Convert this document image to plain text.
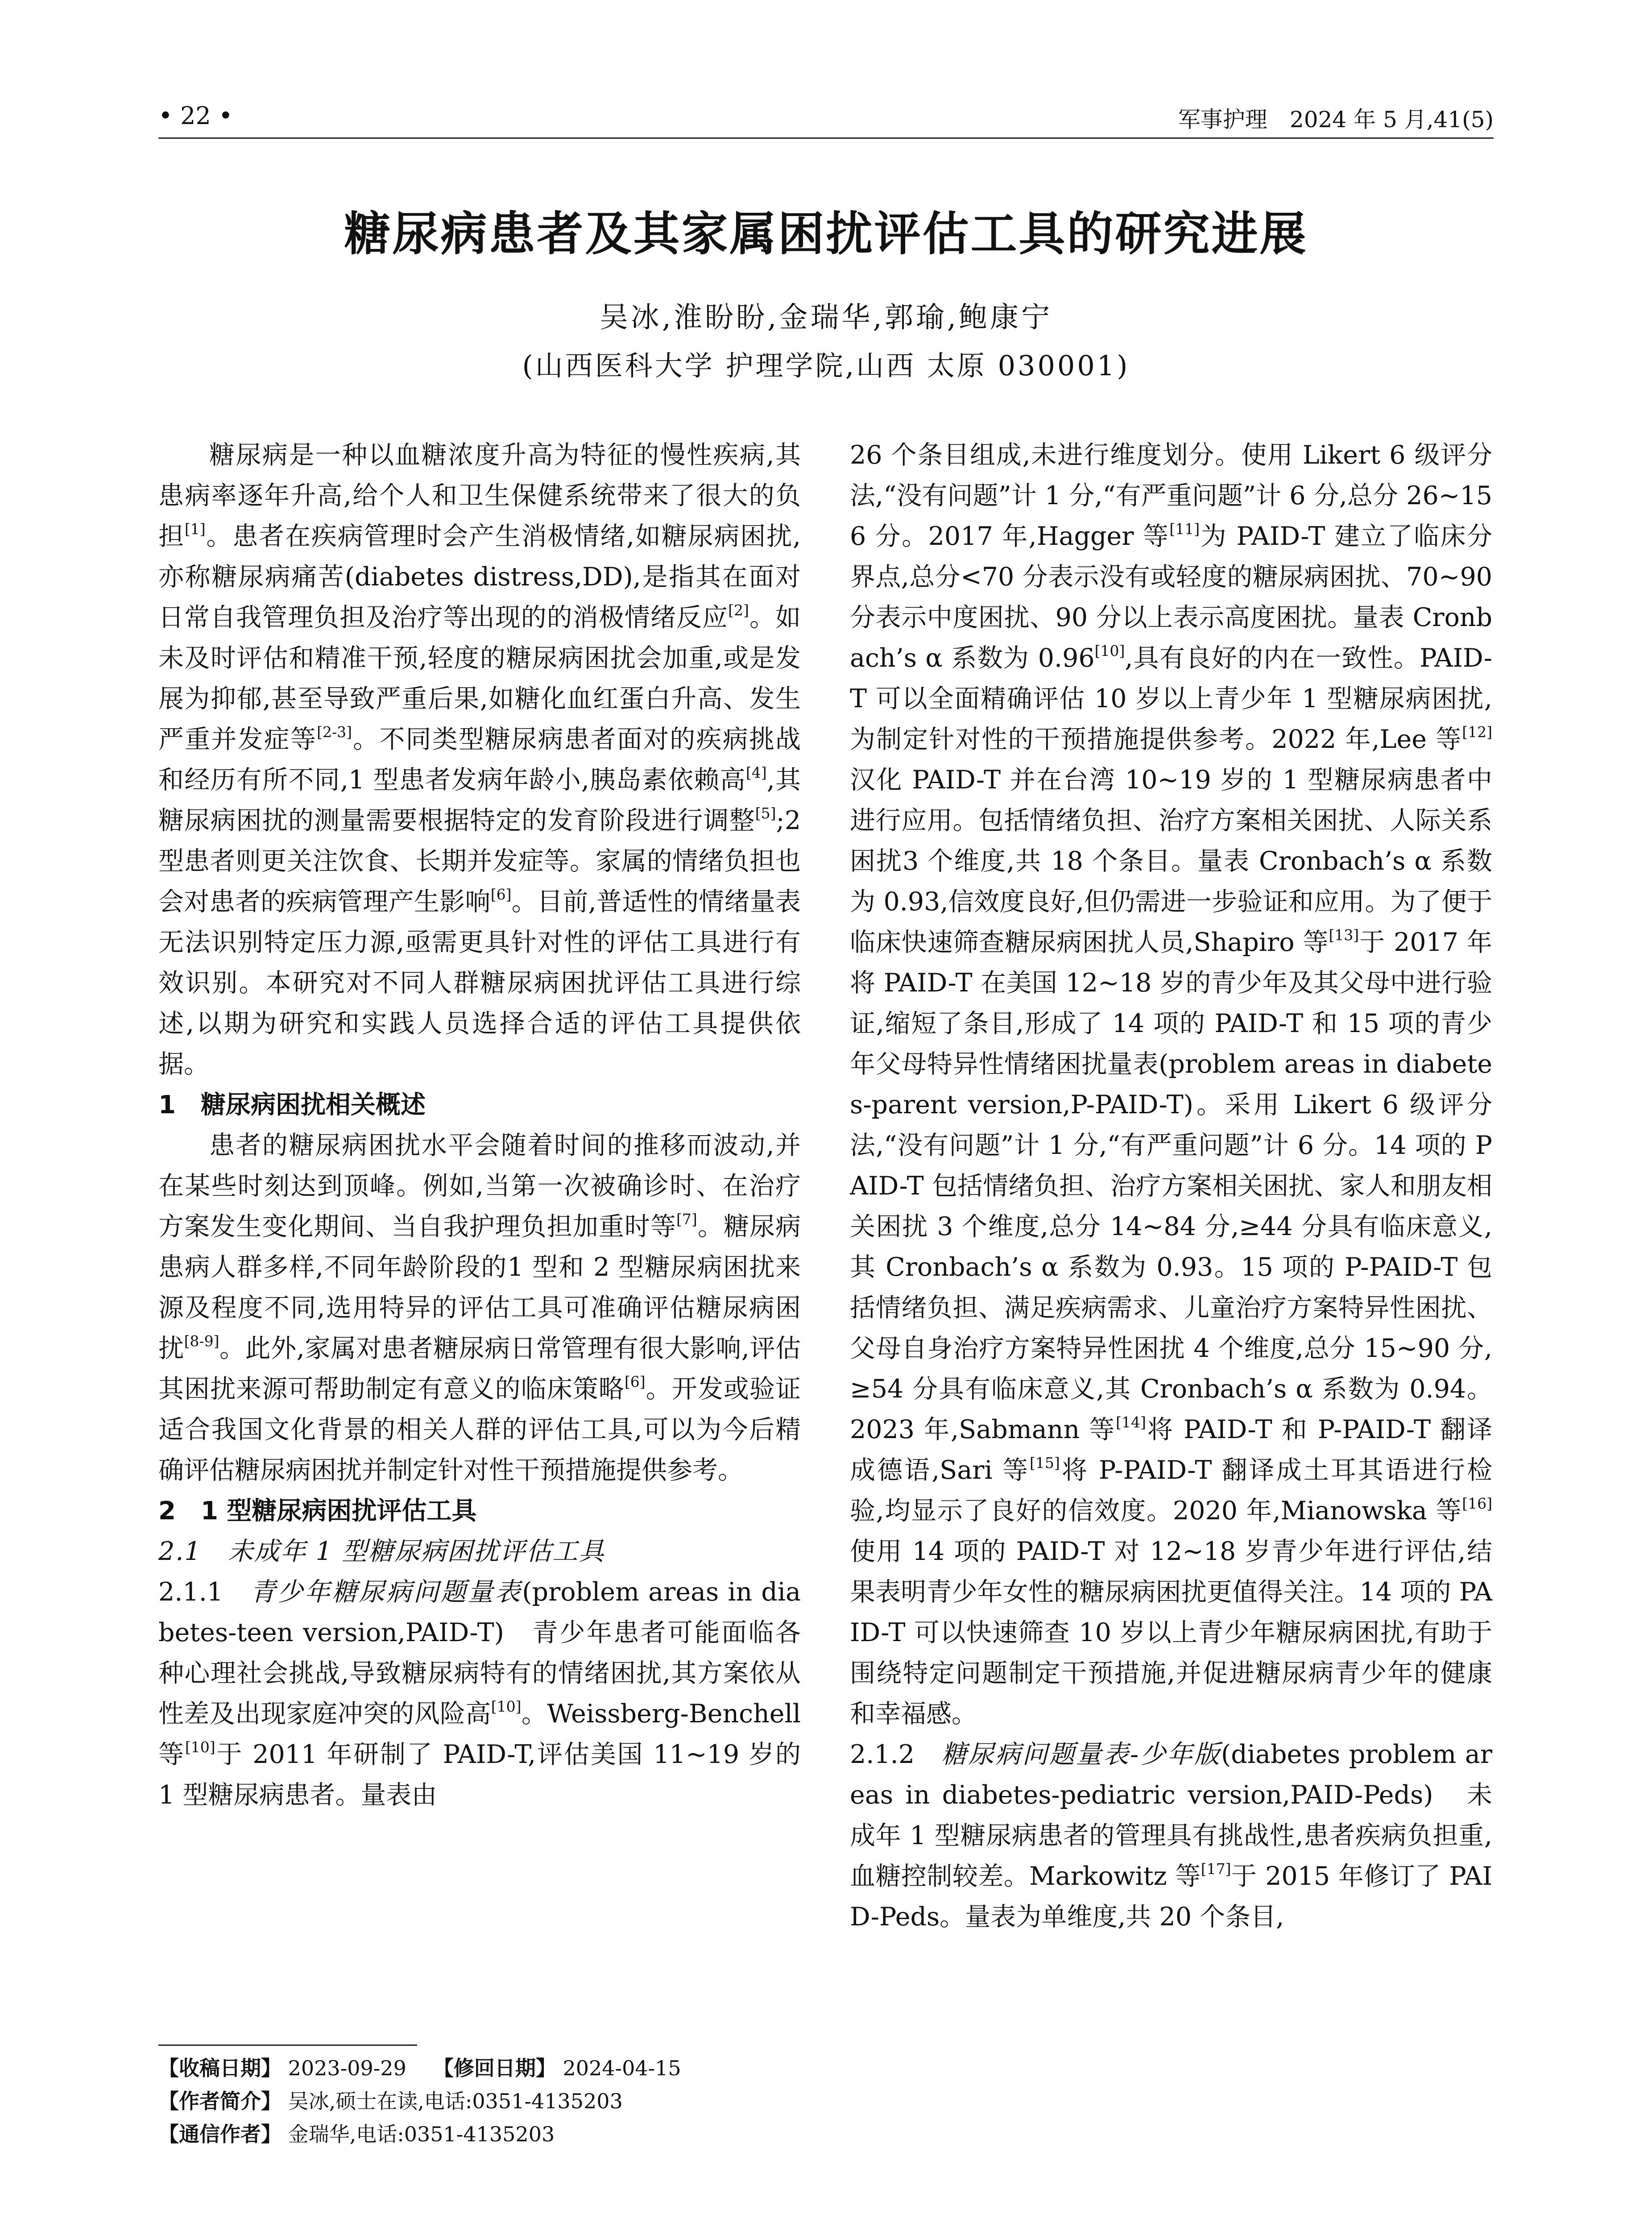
• 22 •	军事护理　2024 年 5 月,41(5)
糖尿病患者及其家属困扰评估工具的研究进展
吴冰,淮盼盼,金瑞华,郭瑜,鲍康宁
(山西医科大学 护理学院,山西 太原 030001)

糖尿病是一种以血糖浓度升高为特征的慢性疾病,其患病率逐年升高,给个人和卫生保健系统带来了很大的负担[1]。患者在疾病管理时会产生消极情绪,如糖尿病困扰,亦称糖尿病痛苦(diabetes distress,DD),是指其在面对日常自我管理负担及治疗等出现的的消极情绪反应[2]。如未及时评估和精准干预,轻度的糖尿病困扰会加重,或是发展为抑郁,甚至导致严重后果,如糖化血红蛋白升高、发生严重并发症等[2-3]。不同类型糖尿病患者面对的疾病挑战和经历有所不同,1 型患者发病年龄小,胰岛素依赖高[4],其糖尿病困扰的测量需要根据特定的发育阶段进行调整[5];2 型患者则更关注饮食、长期并发症等。家属的情绪负担也会对患者的疾病管理产生影响[6]。目前,普适性的情绪量表无法识别特定压力源,亟需更具针对性的评估工具进行有效识别。本研究对不同人群糖尿病困扰评估工具进行综述,以期为研究和实践人员选择合适的评估工具提供依据。

1　糖尿病困扰相关概述

患者的糖尿病困扰水平会随着时间的推移而波动,并在某些时刻达到顶峰。例如,当第一次被确诊时、在治疗方案发生变化期间、当自我护理负担加重时等[7]。糖尿病患病人群多样,不同年龄阶段的1 型和 2 型糖尿病困扰来源及程度不同,选用特异的评估工具可准确评估糖尿病困扰[8-9]。此外,家属对患者糖尿病日常管理有很大影响,评估其困扰来源可帮助制定有意义的临床策略[6]。开发或验证适合我国文化背景的相关人群的评估工具,可以为今后精确评估糖尿病困扰并制定针对性干预措施提供参考。

2　1 型糖尿病困扰评估工具

2.1　未成年 1 型糖尿病困扰评估工具

2.1.1　 青少年糖尿病问题量表(problem areas in diabetes-teen version,PAID-T)　青少年患者可能面临各种心理社会挑战,导致糖尿病特有的情绪困扰,其方案依从性差及出现家庭冲突的风险高[10]。Weissberg-Benchell 等[10]于 2011 年研制了 PAID-T,评估美国 11~19 岁的 1 型糖尿病患者。量表由

26 个条目组成,未进行维度划分。使用 Likert 6 级评分法,“没有问题”计 1 分,“有严重问题”计 6 分,总分 26~156 分。2017 年,Hagger 等[11]为 PAID-T 建立了临床分界点,总分<70 分表示没有或轻度的糖尿病困扰、70~90 分表示中度困扰、90 分以上表示高度困扰。量表 Cronbach’s α 系数为 0.96[10],具有良好的内在一致性。PAID-T 可以全面精确评估 10 岁以上青少年 1 型糖尿病困扰,为制定针对性的干预措施提供参考。2022 年,Lee 等[12]汉化 PAID-T 并在台湾 10~19 岁的 1 型糖尿病患者中进行应用。包括情绪负担、治疗方案相关困扰、人际关系困扰3 个维度,共 18 个条目。量表 Cronbach’s α 系数为 0.93,信效度良好,但仍需进一步验证和应用。为了便于临床快速筛查糖尿病困扰人员,Shapiro 等[13]于 2017 年将 PAID-T 在美国 12~18 岁的青少年及其父母中进行验证,缩短了条目,形成了 14 项的 PAID-T 和 15 项的青少年父母特异性情绪困扰量表(problem areas in diabetes-parent version,P-PAID-T)。采用 Likert 6 级评分法,“没有问题”计 1 分,“有严重问题”计 6 分。14 项的 PAID-T 包括情绪负担、治疗方案相关困扰、家人和朋友相关困扰 3 个维度,总分 14~84 分,≥44 分具有临床意义,其 Cronbach’s α 系数为 0.93。15 项的 P-PAID-T 包括情绪负担、满足疾病需求、儿童治疗方案特异性困扰、父母自身治疗方案特异性困扰 4 个维度,总分 15~90 分,≥54 分具有临床意义,其 Cronbach’s α 系数为 0.94。2023 年,Sabmann 等[14]将 PAID-T 和 P-PAID-T 翻译成德语,Sari 等[15]将 P-PAID-T 翻译成土耳其语进行检验,均显示了良好的信效度。2020 年,Mianowska 等[16]使用 14 项的 PAID-T 对 12~18 岁青少年进行评估,结果表明青少年女性的糖尿病困扰更值得关注。14 项的 PAID-T 可以快速筛查 10 岁以上青少年糖尿病困扰,有助于围绕特定问题制定干预措施,并促进糖尿病青少年的健康和幸福感。

2.1.2　 糖尿病问题量表-少年版(diabetes problem areas in diabetes-pediatric version,PAID-Peds)　未成年 1 型糖尿病患者的管理具有挑战性,患者疾病负担重,血糖控制较差。Markowitz 等[17]于 2015 年修订了 PAID-Peds。量表为单维度,共 20 个条目,

【收稿日期】 2023-09-29 【修回日期】 2024-04-15
【作者简介】 吴冰,硕士在读,电话:0351-4135203
【通信作者】 金瑞华,电话:0351-4135203
